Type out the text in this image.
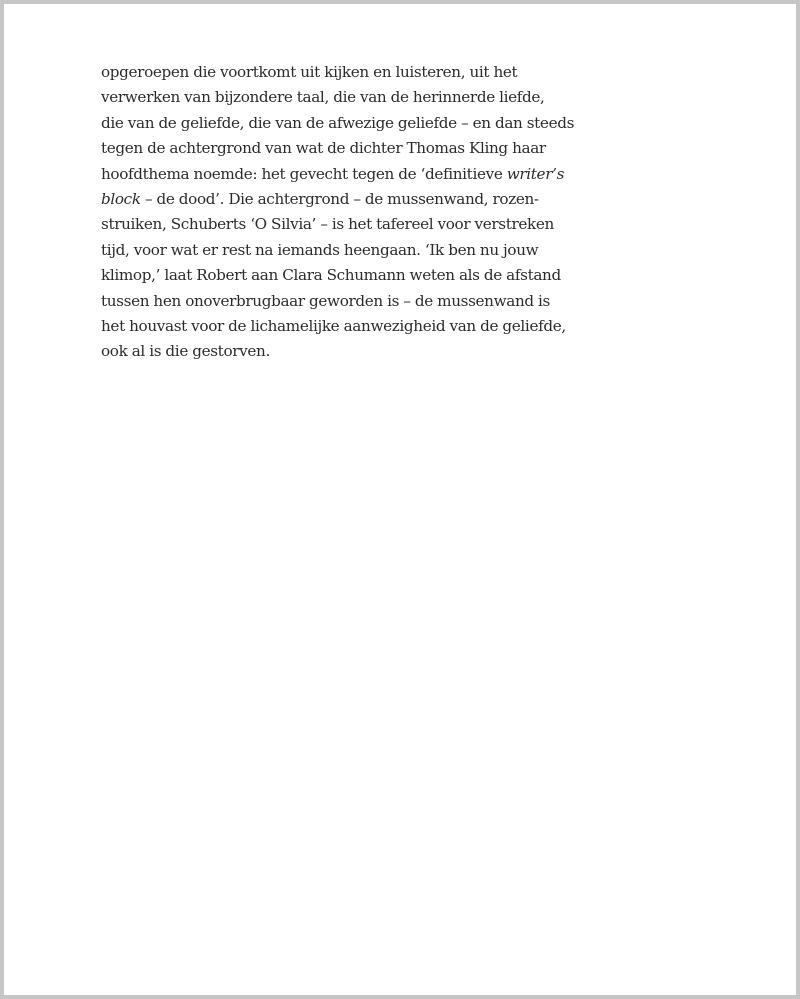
opgeroepen die voortkomt uit kijken en luisteren, uit het
verwerken van bijzondere taal, die van de herinnerde liefde,
die van de geliefde, die van de afwezige geliefde – en dan steeds
tegen de achtergrond van wat de dichter Thomas Kling haar
hoofdthema noemde: het gevecht tegen de ‘definitieve writer’s
block – de dood’. Die achtergrond – de mussenwand, rozen-
struiken, Schuberts ‘O Silvia’ – is het tafereel voor verstreken
tijd, voor wat er rest na iemands heengaan. ‘Ik ben nu jouw
klimop,’ laat Robert aan Clara Schumann weten als de afstand
tussen hen onoverbrugbaar geworden is – de mussenwand is
het houvast voor de lichamelijke aanwezigheid van de geliefde,
ook al is die gestorven.
